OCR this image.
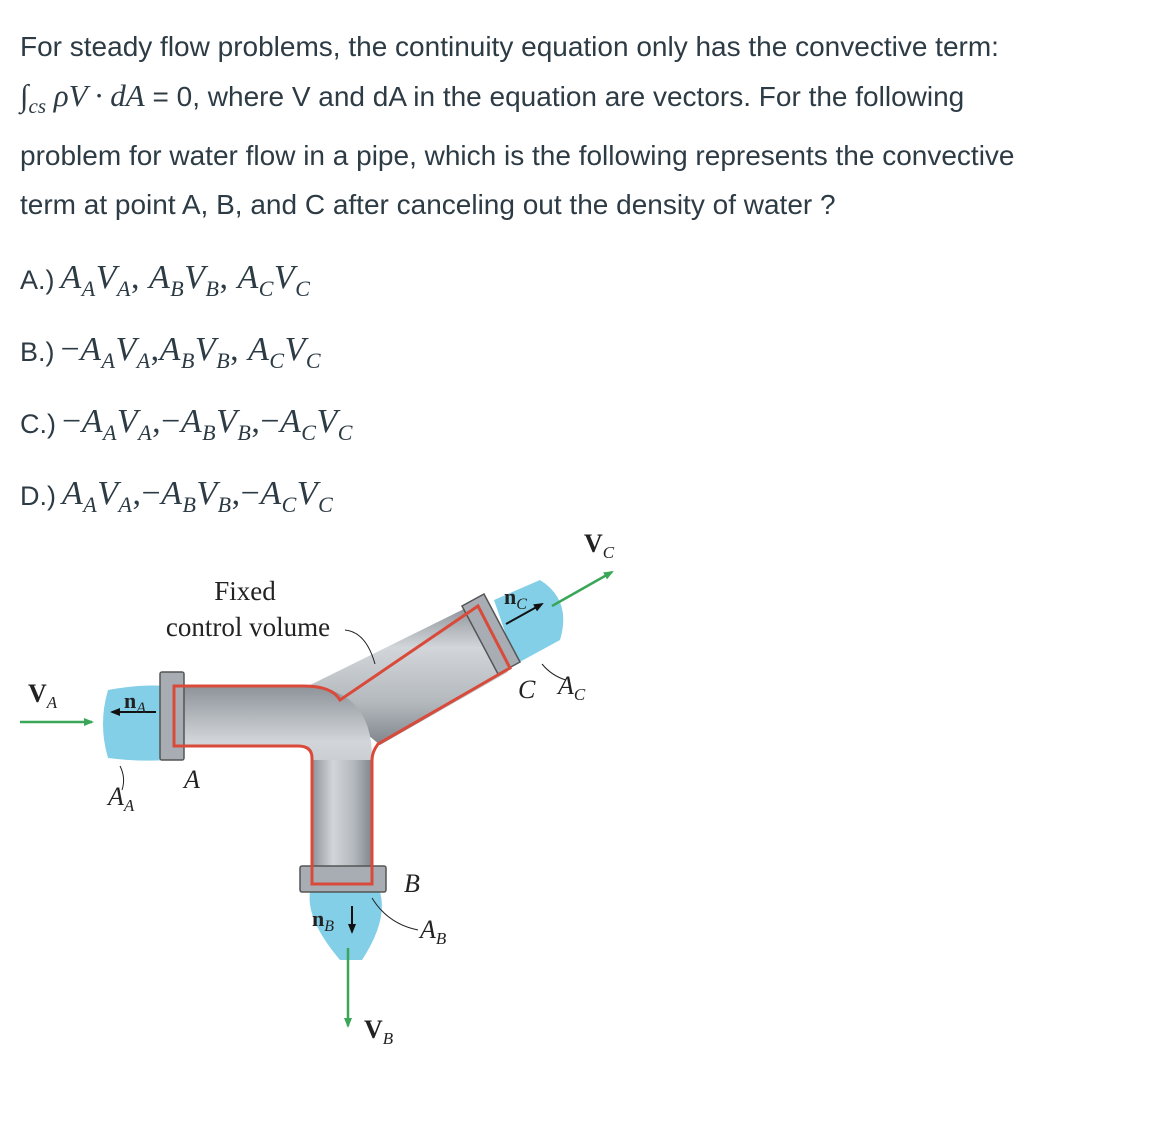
For steady flow problems, the continuity equation only has the convective term:
$\int_{cs}$ ρV · dA = 0, where V and dA in the equation are vectors. For the following
problem for water flow in a pipe, which is the following represents the convective
term at point A, B, and C after canceling out the density of water ?
A.) $A_AV_A$, $A_BV_B$, $A_CV_C$
$B.) -A_AV_A,A_BV_B$, $A_CV_C$
$C.) -A_AV_A,-A_BV_B,-A_CV_C$
D.) $A_AV_A,-A_BV_B,-A_CV_C$
Fixed
control volume
$V_A$	$n_A$
$A_A$
A
B
$n_B$	$A_B$
$V_B$
$V_C$
$n_C$
C $A_C$
